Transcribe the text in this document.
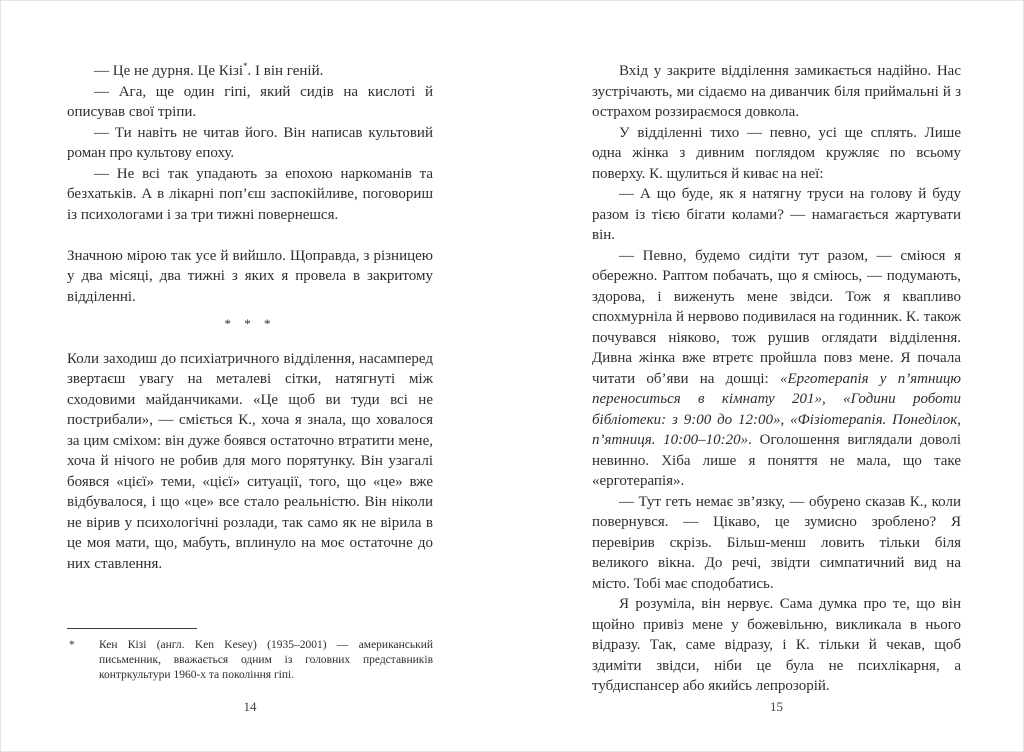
— Це не дурня. Це Кізі*. І він геній.

— Ага, ще один гіпі, який сидів на кислоті й описував свої тріпи.

— Ти навіть не читав його. Він написав культовий роман про культову епоху.

— Не всі так упадають за епохою наркоманів та безхатьків. А в лікарні поп’єш заспокійливе, поговориш із психологами і за три тижні повернешся.

Значною мірою так усе й вийшло. Щоправда, з різницею у два місяці, два тижні з яких я провела в закритому відділенні.

* * *

Коли заходиш до психіатричного відділення, насамперед звертаєш увагу на металеві сітки, натягнуті між сходовими майданчиками. «Це щоб ви туди всі не пострибали», — сміється К., хоча я знала, що ховалося за цим сміхом: він дуже боявся остаточно втратити мене, хоча й нічого не робив для мого порятунку. Він узагалі боявся «цієї» теми, «цієї» ситуації, того, що «це» вже відбувалося, і що «це» все стало реальністю. Він ніколи не вірив у психологічні розлади, так само як не вірила в це моя мати, що, мабуть, вплинуло на моє остаточне до них ставлення.

* Кен Кізі (англ. Ken Kesey) (1935–2001) — американський письменник, вважається одним із головних представників контркультури 1960-х та покоління гіпі.
14

Вхід у закрите відділення замикається надійно. Нас зустрічають, ми сідаємо на диванчик біля приймальні й з острахом роззираємося довкола.

У відділенні тихо — певно, усі ще сплять. Лише одна жінка з дивним поглядом кружляє по всьому поверху. К. щулиться й киває на неї:

— А що буде, як я натягну труси на голову й буду разом із тією бігати колами? — намагається жартувати він.

— Певно, будемо сидіти тут разом, — сміюся я обережно. Раптом побачать, що я сміюсь, — подумають, здорова, і виженуть мене звідси. Тож я квапливо спохмурніла й нервово подивилася на годинник. К. також почувався ніяково, тож рушив оглядати відділення. Дивна жінка вже втретє пройшла повз мене. Я почала читати об’яви на дошці: «Ерготерапія у п’ятницю переноситься в кімнату 201», «Години роботи бібліотеки: з 9:00 до 12:00», «Фізіотерапія. Понеділок, п’ятниця. 10:00–10:20». Оголошення виглядали доволі невинно. Хіба лише я поняття не мала, що таке «ерготерапія».

— Тут геть немає зв’язку, — обурено сказав К., коли повернувся. — Цікаво, це зумисно зроблено? Я перевірив скрізь. Більш-менш ловить тільки біля великого вікна. До речі, звідти симпатичний вид на місто. Тобі має сподобатись.

Я розуміла, він нервує. Сама думка про те, що він щойно привіз мене у божевільню, викликала в нього відразу. Так, саме відразу, і К. тільки й чекав, щоб здиміти звідси, ніби це була не психлікарня, а тубдиспансер або якийсь лепрозорій.

15
